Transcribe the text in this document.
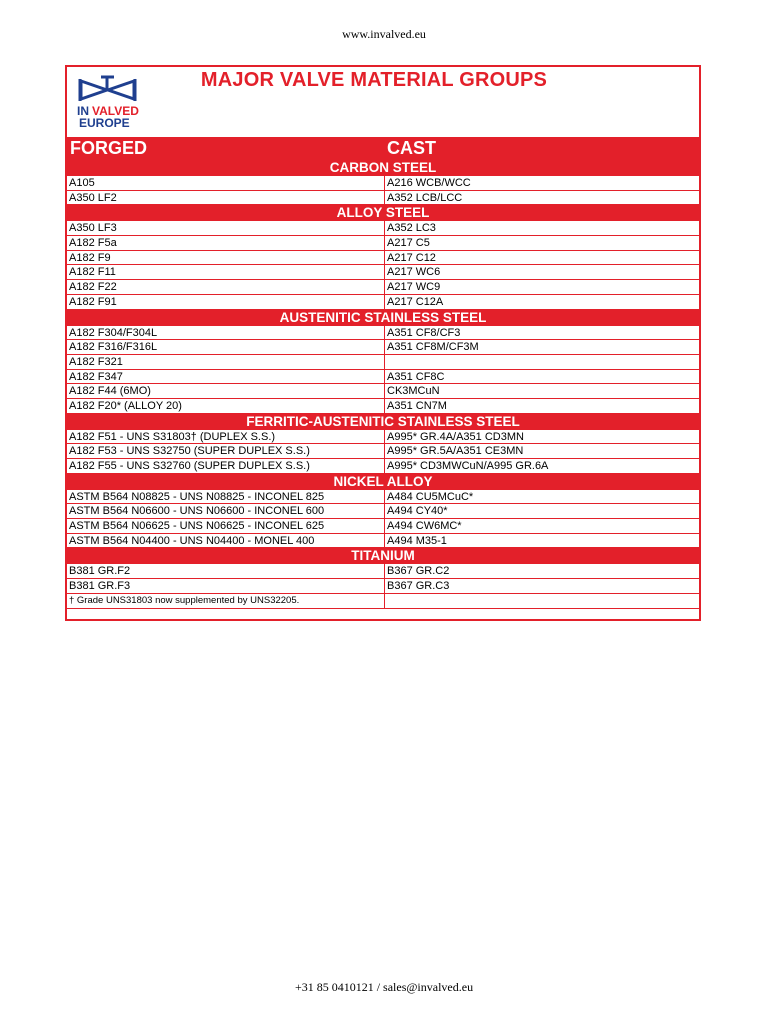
www.invalved.eu
IN VALVED
EUROPE
MAJOR VALVE MATERIAL GROUPS
FORGED	CAST
CARBON STEEL
A105	A216 WCB/WCC
A350 LF2	A352 LCB/LCC
ALLOY STEEL
A350 LF3	A352 LC3
A182 F5a	A217 C5
A182 F9	A217 C12
A182 F11	A217 WC6
A182 F22	A217 WC9
A182 F91	A217 C12A
AUSTENITIC STAINLESS STEEL
A182 F304/F304L	A351 CF8/CF3
A182 F316/F316L	A351 CF8M/CF3M
A182 F321
A182 F347	A351 CF8C
A182 F44 (6MO)	CK3MCuN
A182 F20* (ALLOY 20)	A351 CN7M
FERRITIC-AUSTENITIC STAINLESS STEEL
A182 F51 - UNS S31803† (DUPLEX S.S.)	A995* GR.4A/A351 CD3MN
A182 F53 - UNS S32750 (SUPER DUPLEX S.S.)	A995* GR.5A/A351 CE3MN
A182 F55 - UNS S32760 (SUPER DUPLEX S.S.)	A995* CD3MWCuN/A995 GR.6A
NICKEL ALLOY
ASTM B564 N08825 - UNS N08825 - INCONEL 825	A484 CU5MCuC*
ASTM B564 N06600 - UNS N06600 - INCONEL 600	A494 CY40*
ASTM B564 N06625 - UNS N06625 - INCONEL 625	A494 CW6MC*
ASTM B564 N04400 - UNS N04400 - MONEL 400	A494 M35-1
TITANIUM
B381 GR.F2	B367 GR.C2
B381 GR.F3	B367 GR.C3
† Grade UNS31803 now supplemented by UNS32205.
+31 85 0410121 / sales@invalved.eu
